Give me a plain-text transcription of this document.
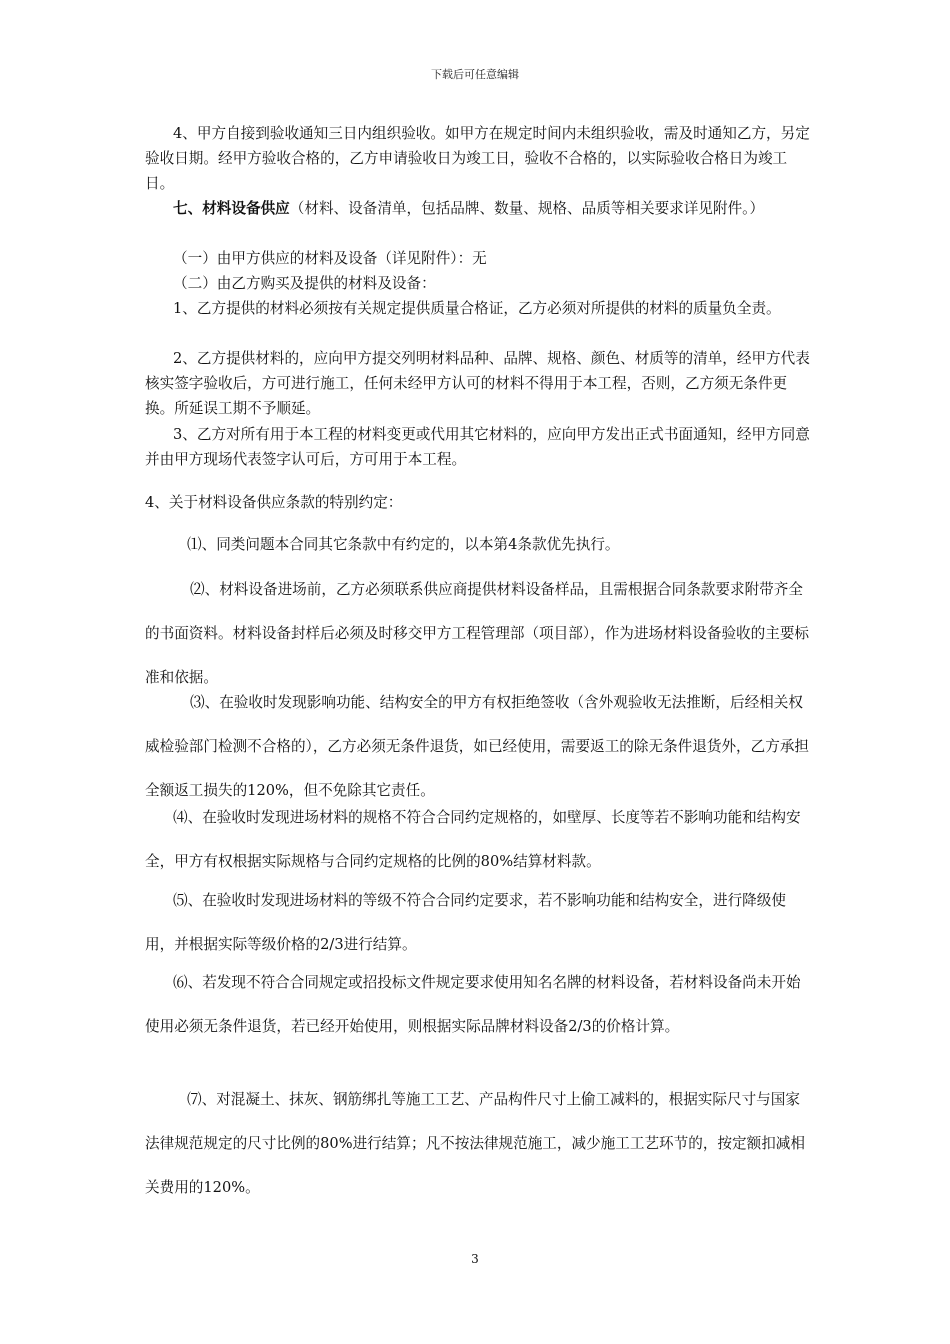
下载后可任意编辑

4、甲方自接到验收通知三日内组织验收。如甲方在规定时间内未组织验收，需及时通知乙方，另定验收日期。经甲方验收合格的，乙方申请验收日为竣工日，验收不合格的，以实际验收合格日为竣工日。

七、材料设备供应（材料、设备清单，包括品牌、数量、规格、品质等相关要求详见附件。）

（一）由甲方供应的材料及设备（详见附件）：无

（二）由乙方购买及提供的材料及设备：

1、乙方提供的材料必须按有关规定提供质量合格证，乙方必须对所提供的材料的质量负全责。

2、乙方提供材料的，应向甲方提交列明材料品种、品牌、规格、颜色、材质等的清单，经甲方代表核实签字验收后，方可进行施工，任何未经甲方认可的材料不得用于本工程，否则，乙方须无条件更换。所延误工期不予顺延。

3、乙方对所有用于本工程的材料变更或代用其它材料的，应向甲方发出正式书面通知，经甲方同意并由甲方现场代表签字认可后，方可用于本工程。

4、关于材料设备供应条款的特别约定：

⑴、同类问题本合同其它条款中有约定的，以本第4条款优先执行。

⑵、材料设备进场前，乙方必须联系供应商提供材料设备样品，且需根据合同条款要求附带齐全的书面资料。材料设备封样后必须及时移交甲方工程管理部（项目部），作为进场材料设备验收的主要标准和依据。

⑶、在验收时发现影响功能、结构安全的甲方有权拒绝签收（含外观验收无法推断，后经相关权威检验部门检测不合格的），乙方必须无条件退货，如已经使用，需要返工的除无条件退货外，乙方承担全额返工损失的120%，但不免除其它责任。

⑷、在验收时发现进场材料的规格不符合合同约定规格的，如壁厚、长度等若不影响功能和结构安全，甲方有权根据实际规格与合同约定规格的比例的80%结算材料款。

⑸、在验收时发现进场材料的等级不符合合同约定要求，若不影响功能和结构安全，进行降级使用，并根据实际等级价格的2/3进行结算。

⑹、若发现不符合合同规定或招投标文件规定要求使用知名名牌的材料设备，若材料设备尚未开始使用必须无条件退货，若已经开始使用，则根据实际品牌材料设备2/3的价格计算。

⑺、对混凝土、抹灰、钢筋绑扎等施工工艺、产品构件尺寸上偷工减料的，根据实际尺寸与国家法律规范规定的尺寸比例的80%进行结算；凡不按法律规范施工，减少施工工艺环节的，按定额扣减相关费用的120%。

3
